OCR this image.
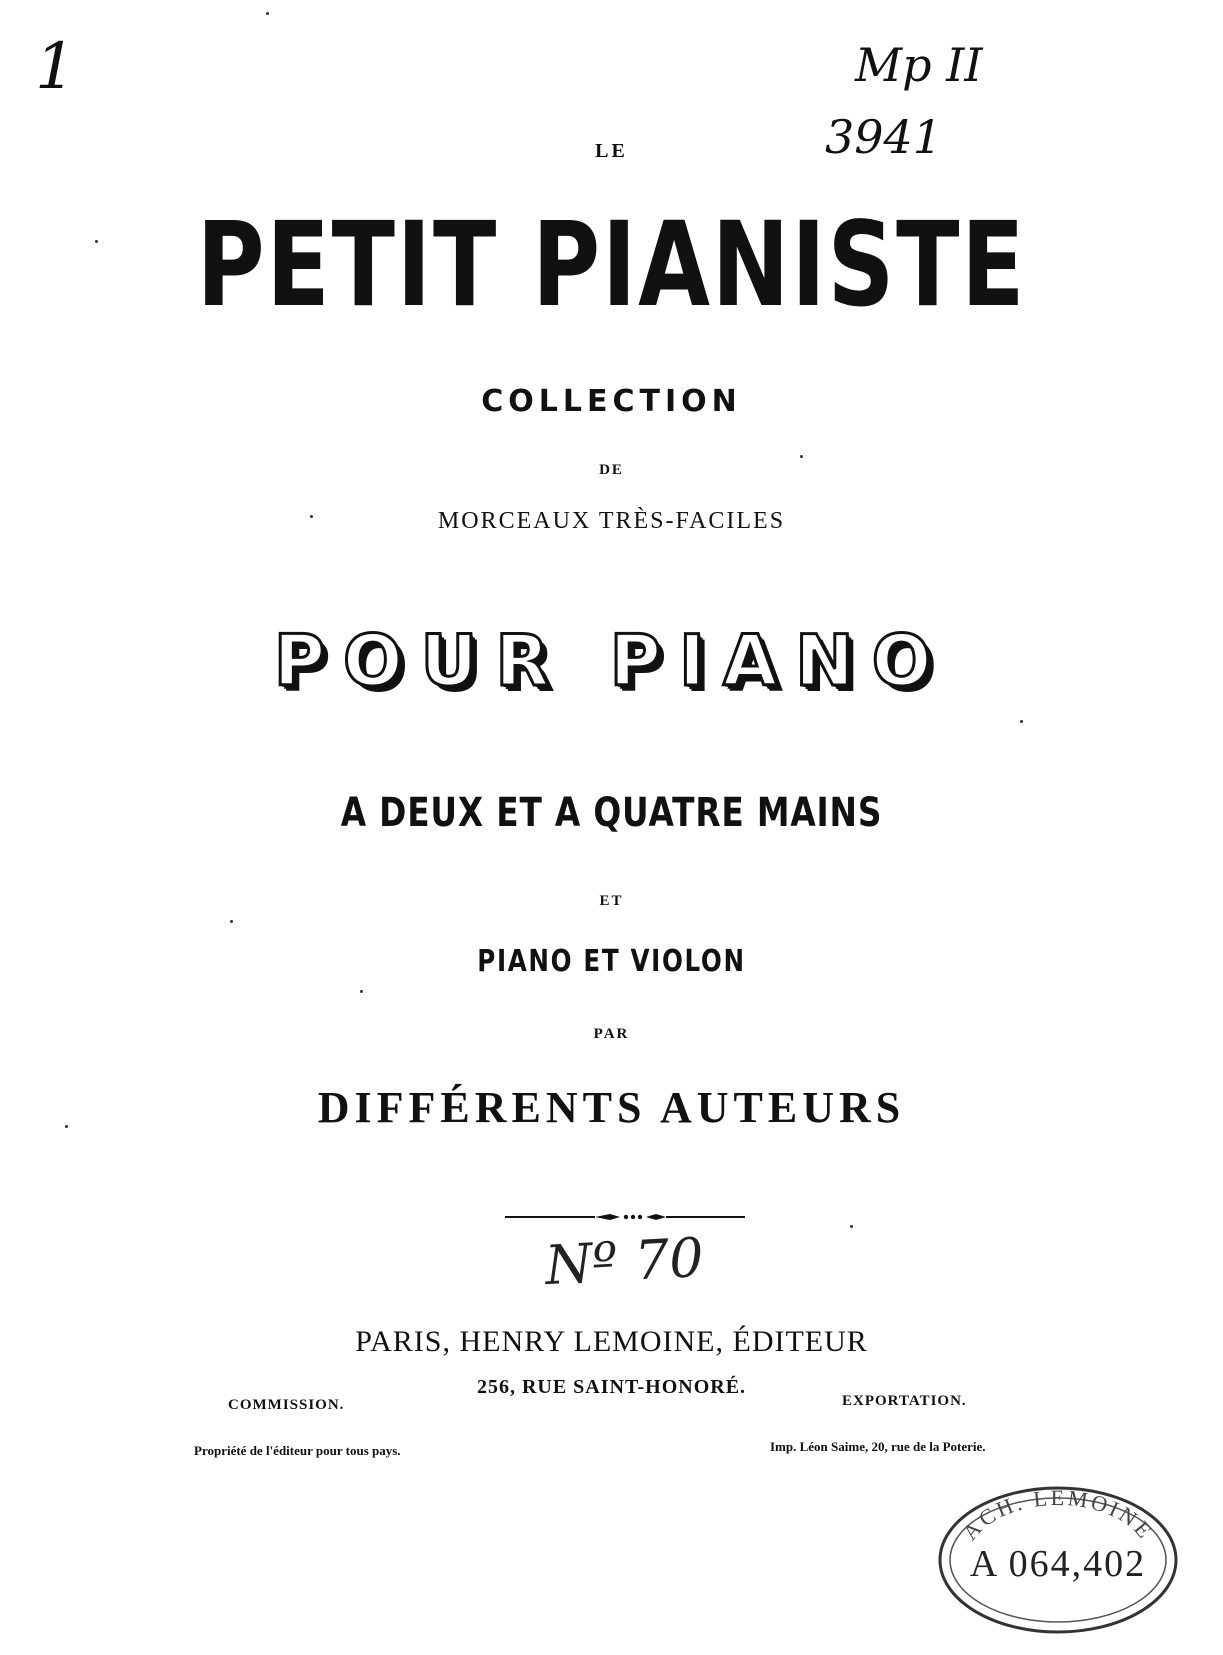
1	Mp II
3941
LE
PETIT PIANISTE
COLLECTION
DE
MORCEAUX TRÈS-FACILES
POUR PIANO
A DEUX ET A QUATRE MAINS
ET
PIANO ET VIOLON
PAR
DIFFÉRENTS AUTEURS
Nº 70
PARIS, HENRY LEMOINE, ÉDITEUR
256, RUE SAINT-HONORÉ.
COMMISSION.	EXPORTATION.
Propriété de l'éditeur pour tous pays.	Imp. Léon Saime, 20, rue de la Poterie.
ACH. LEMOINE
A 064,402
